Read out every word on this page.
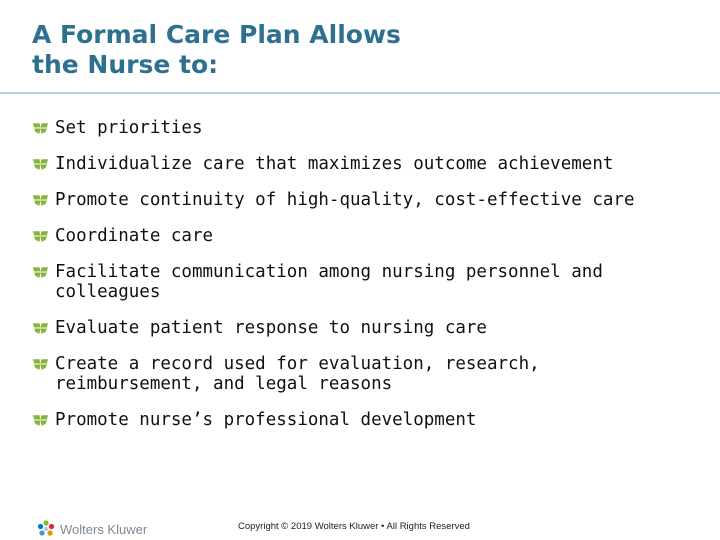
A Formal Care Plan Allows
the Nurse to:
Set priorities
Individualize care that maximizes outcome achievement
Promote continuity of high-quality, cost-effective care
Coordinate care
Facilitate communication among nursing personnel and
colleagues
Evaluate patient response to nursing care
Create a record used for evaluation, research,
reimbursement, and legal reasons
Promote nurse’s professional development
Wolters Kluwer	Copyright © 2019 Wolters Kluwer • All Rights Reserved
